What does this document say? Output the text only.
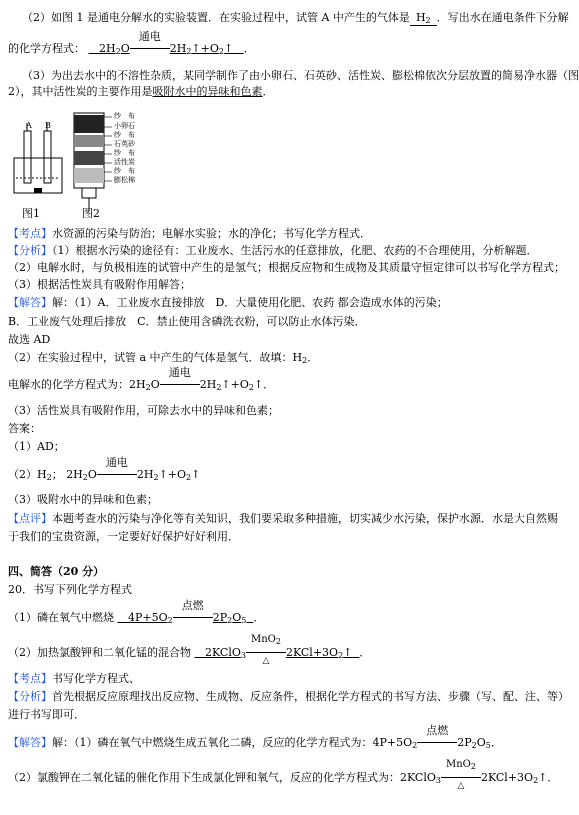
（2）如图 1 是通电分解水的实验装置．在实验过程中，试管 A 中产生的气体是 $H_2$ ．写出水在通电条件下分解
的化学方程式： $2H_2O$
通电
$2H_2↑+O_2↑$ ．
（3）为出去水中的不溶性杂质，某同学制作了由小卵石、石英砂、活性炭、膨松棉依次分层放置的简易净水器（图
2），其中活性炭的主要作用是吸附水中的异味和色素．
A B
纱　布
小卵石
纱　布
石英砂
纱　布
活性炭
纱　布
膨松棉
图1	图2
【考点】水资源的污染与防治；电解水实验；水的净化；书写化学方程式．
【分析】（1）根据水污染的途径有：工业废水、生活污水的任意排放，化肥、农药的不合理使用，分析解题．
（2）电解水时，与负极相连的试管中产生的是氢气；根据反应物和生成物及其质量守恒定律可以书写化学方程式；
（3）根据活性炭具有吸附作用解答；
【解答】解：（1）A．工业废水直接排放　D．大量使用化肥、农药 都会造成水体的污染；
B．工业废气处理后排放　C．禁止使用含磷洗衣粉，可以防止水体污染．
故选 AD
（2）在实验过程中，试管 a 中产生的气体是氢气．故填：$H_2$．
电解水的化学方程式为：$2H_2O$
通电
$2H_2↑+O_2↑$．
（3）活性炭具有吸附作用，可除去水中的异味和色素；
答案：
（1）AD；
$(2)H_2$； $2H_2O$
通电
$2H_2↑+O_2↑$
（3）吸附水中的异味和色素；
【点评】本题考查水的污染与净化等有关知识，我们要采取多种措施，切实减少水污染，保护水源．水是大自然赐
于我们的宝贵资源，一定要好好保护好好利用．
四、简答（20 分）
20．书写下列化学方程式
（1）磷在氧气中燃烧 $4P+5O_2$
点燃
$2P_2O_5$ ．
（2）加热氯酸钾和二氧化锰的混合物 2KClO$_3$
MnO$_2$
△
$2KCl+3O_2↑$ ．
【考点】书写化学方程式、
【分析】首先根据反应原理找出反应物、生成物、反应条件，根据化学方程式的书写方法、步骤（写、配、注、等）
进行书写即可．
【解答】解：（1）磷在氧气中燃烧生成五氧化二磷，反应的化学方程式为：$4P+5O_2$
点燃
$2P_2O_5$．
（2）氯酸钾在二氧化锰的催化作用下生成氯化钾和氧气，反应的化学方程式为：2KClO$_3$
MnO$_2$
△
$2KCl+3O_2↑$．
